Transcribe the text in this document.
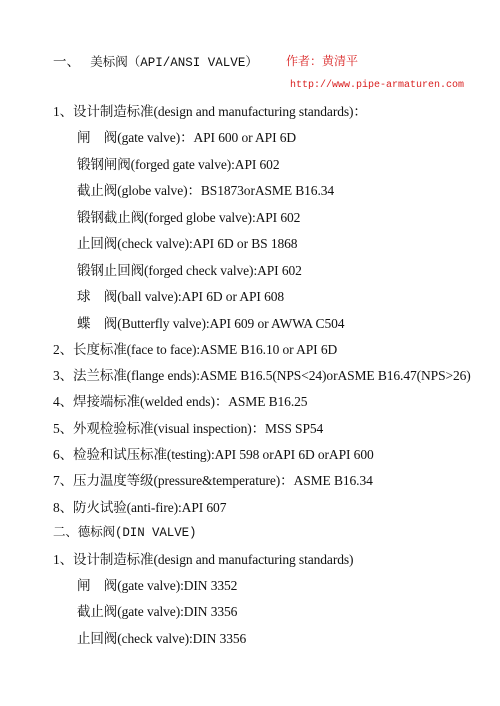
一、 美标阀（API/ANSI VALVE） 作者：黄清平
http://www.pipe-armaturen.com
1、设计制造标准(design and manufacturing standards)：
闸　阀(gate valve)：API 600 or API 6D
锻钢闸阀(forged gate valve):API 602
截止阀(globe valve)：BS1873orASME B16.34
锻钢截止阀(forged globe valve):API 602
止回阀(check valve):API 6D or BS 1868
锻钢止回阀(forged check valve):API 602
球　阀(ball valve):API 6D or API 608
蝶　阀(Butterfly valve):API 609 or AWWA C504
2、长度标准(face to face):ASME B16.10 or API 6D
3、法兰标准(flange ends):ASME B16.5(NPS<24)orASME B16.47(NPS>26)
4、焊接端标准(welded ends)：ASME B16.25
5、外观检验标准(visual inspection)：MSS SP54
6、检验和试压标准(testing):API 598 orAPI 6D orAPI 600
7、压力温度等级(pressure&temperature)：ASME B16.34
8、防火试验(anti-fire):API 607
二、德标阀(DIN VALVE)
1、设计制造标准(design and manufacturing standards)
闸　阀(gate valve):DIN 3352
截止阀(gate valve):DIN 3356
止回阀(check valve):DIN 3356
